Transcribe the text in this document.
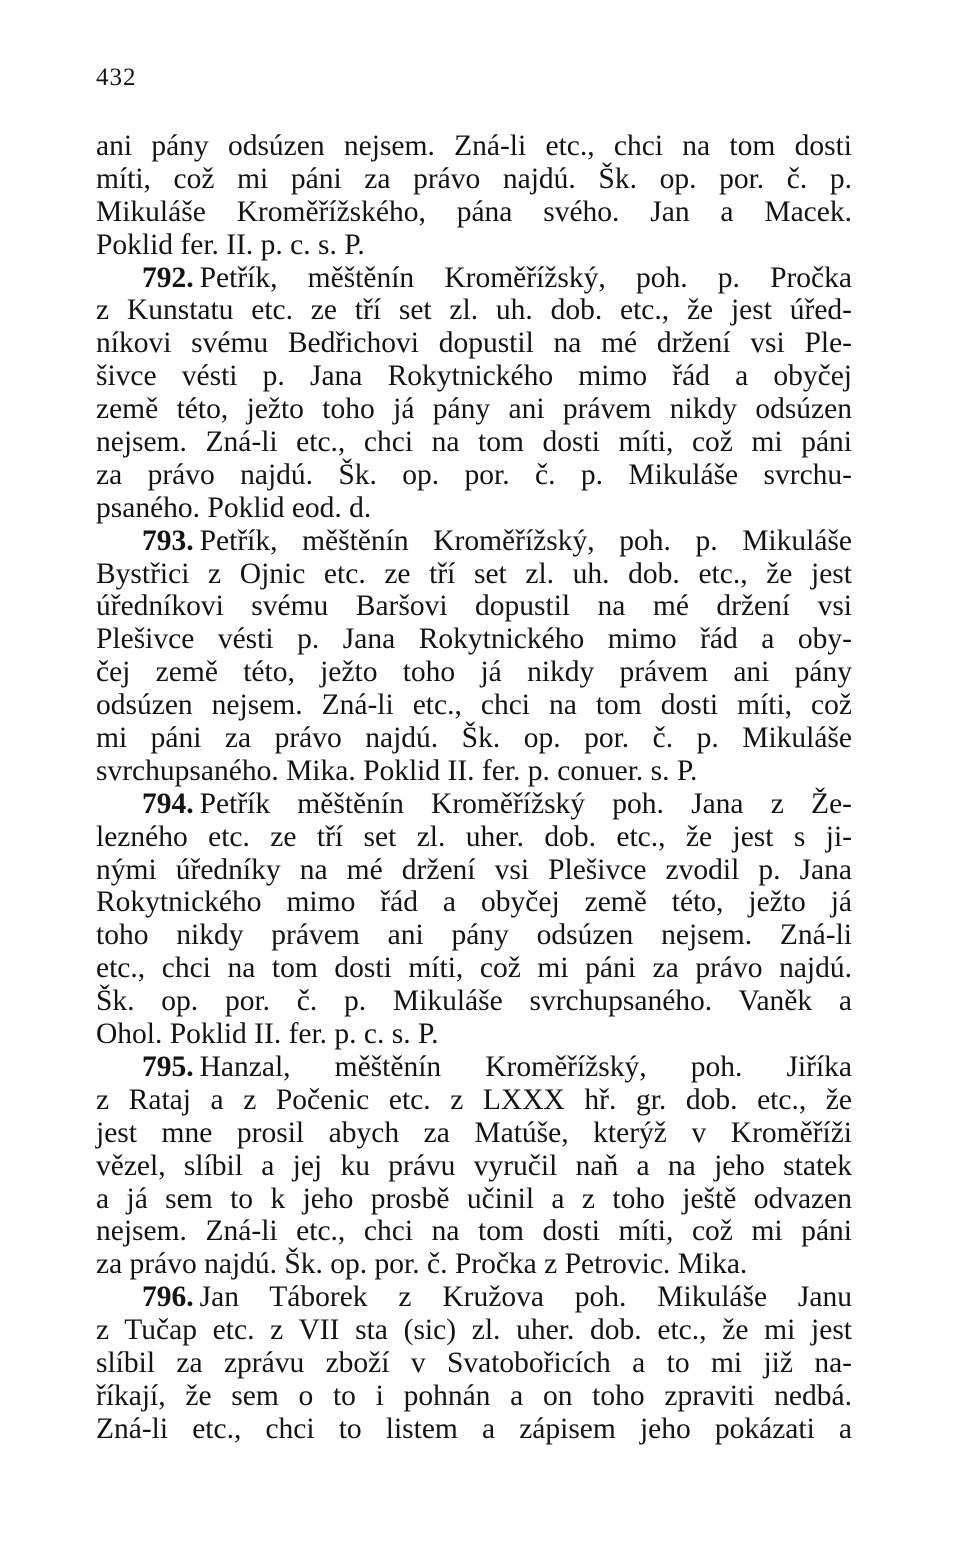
432
ani pány odsúzen nejsem. Zná-li etc., chci na tom dosti
míti, což mi páni za právo najdú. Šk. op. por. č. p.
Mikuláše Kroměřížského, pána svého. Jan a Macek.
Poklid fer. II. p. c. s. P.
792. Petřík, měštěnín Kroměřížský, poh. p. Pročka
z Kunstatu etc. ze tří set zl. uh. dob. etc., že jest úřed-
níkovi svému Bedřichovi dopustil na mé držení vsi Ple-
šivce vésti p. Jana Rokytnického mimo řád a obyčej
země této, ježto toho já pány ani právem nikdy odsúzen
nejsem. Zná-li etc., chci na tom dosti míti, což mi páni
za právo najdú. Šk. op. por. č. p. Mikuláše svrchu-
psaného. Poklid eod. d.
793. Petřík, měštěnín Kroměřížský, poh. p. Mikuláše
Bystřici z Ojnic etc. ze tří set zl. uh. dob. etc., že jest
úředníkovi svému Baršovi dopustil na mé držení vsi
Plešivce vésti p. Jana Rokytnického mimo řád a oby-
čej země této, ježto toho já nikdy právem ani pány
odsúzen nejsem. Zná-li etc., chci na tom dosti míti, což
mi páni za právo najdú. Šk. op. por. č. p. Mikuláše
svrchupsaného. Mika. Poklid II. fer. p. conuer. s. P.
794. Petřík měštěnín Kroměřížský poh. Jana z Že-
lezného etc. ze tří set zl. uher. dob. etc., že jest s ji-
nými úředníky na mé držení vsi Plešivce zvodil p. Jana
Rokytnického mimo řád a obyčej země této, ježto já
toho nikdy právem ani pány odsúzen nejsem. Zná-li
etc., chci na tom dosti míti, což mi páni za právo najdú.
Šk. op. por. č. p. Mikuláše svrchupsaného. Vaněk a
Ohol. Poklid II. fer. p. c. s. P.
795. Hanzal, měštěnín Kroměřížský, poh. Jiříka
z Rataj a z Počenic etc. z LXXX hř. gr. dob. etc., že
jest mne prosil abych za Matúše, kterýž v Kroměříži
vězel, slíbil a jej ku právu vyručil naň a na jeho statek
a já sem to k jeho prosbě učinil a z toho ještě odvazen
nejsem. Zná-li etc., chci na tom dosti míti, což mi páni
za právo najdú. Šk. op. por. č. Pročka z Petrovic. Mika.
796. Jan Táborek z Kružova poh. Mikuláše Janu
z Tučap etc. z VII sta (sic) zl. uher. dob. etc., že mi jest
slíbil za zprávu zboží v Svatobořicích a to mi již na-
říkají, že sem o to i pohnán a on toho zpraviti nedbá.
Zná-li etc., chci to listem a zápisem jeho pokázati a
